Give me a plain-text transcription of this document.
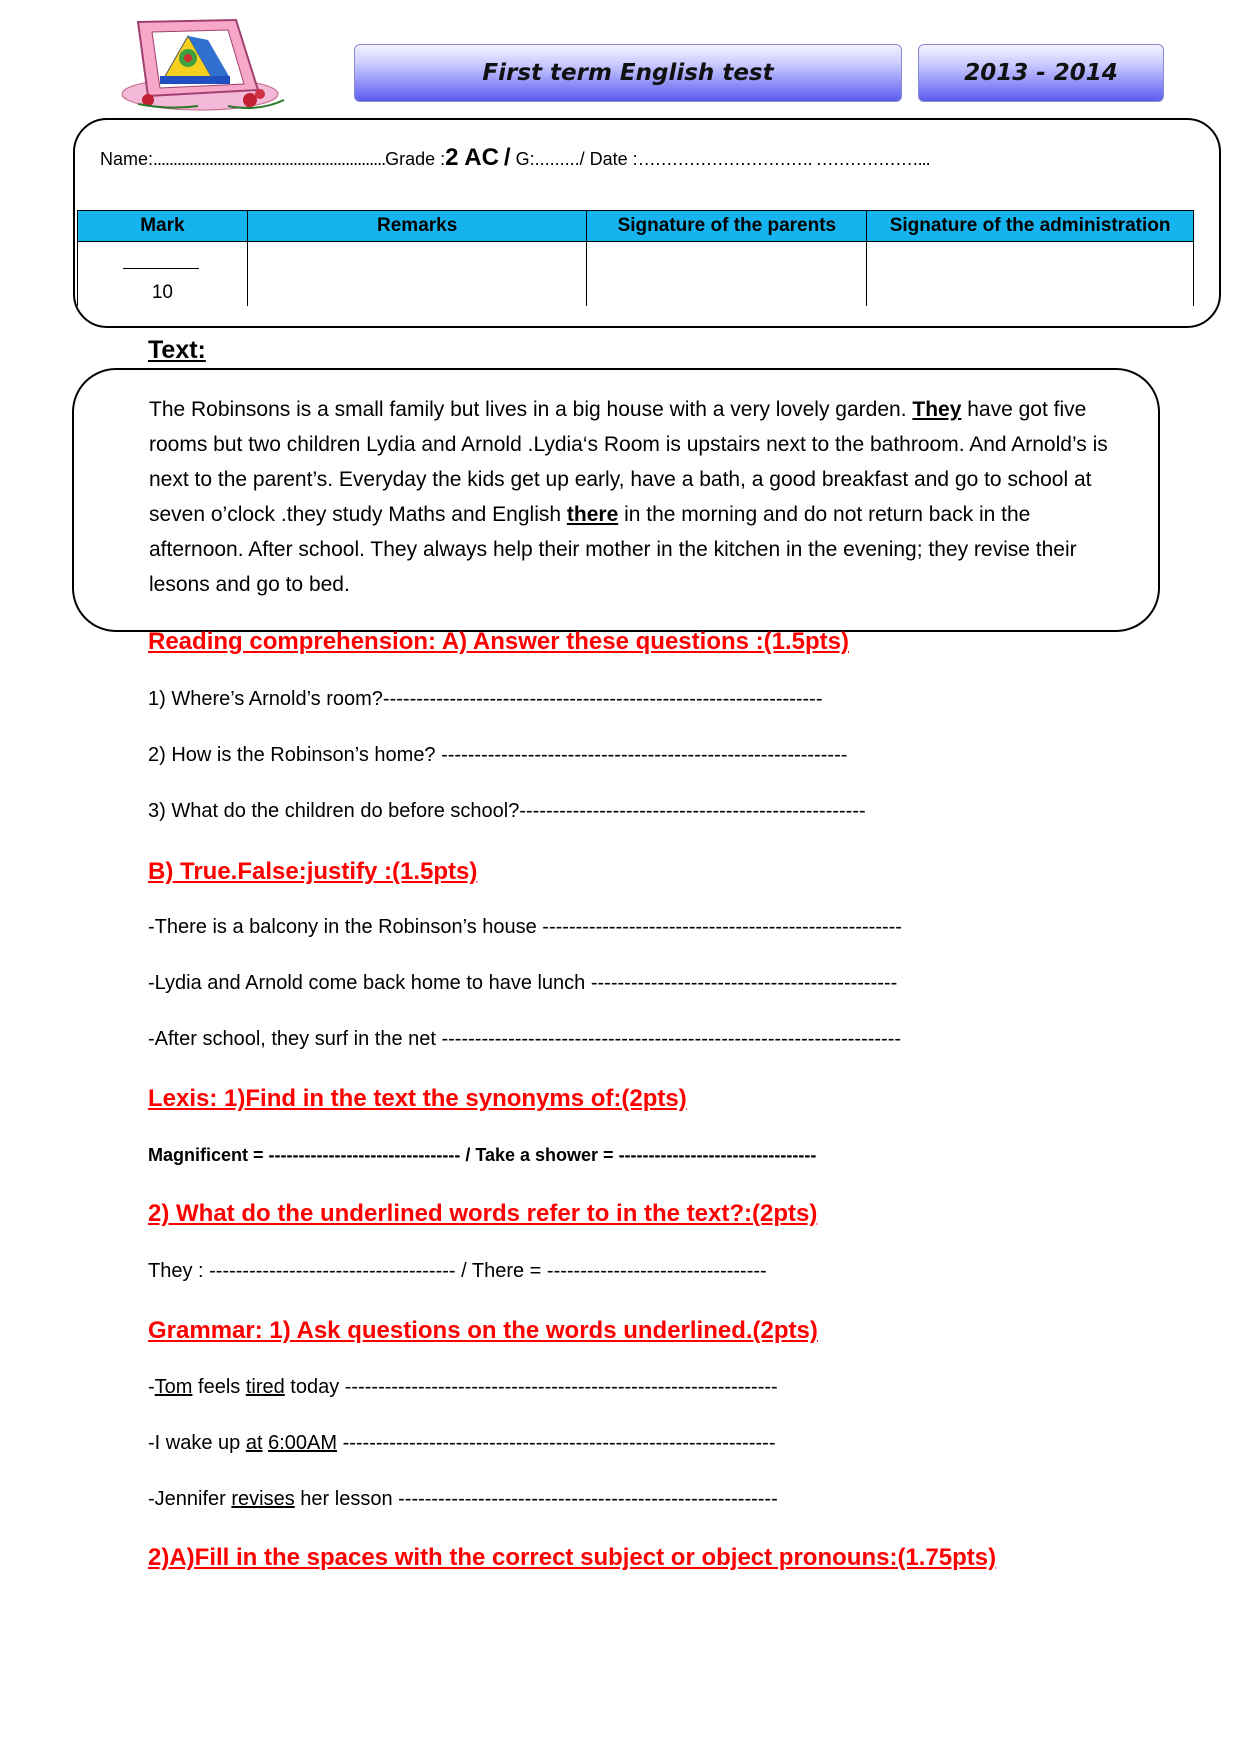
First term English test	2013 - 2014
Name:..........................................................Grade :2 AC / G:........./ Date :…………………………. ………………...
Mark	Remarks	Signature of the parents	Signature of the administration

10			

Text:
The Robinsons is a small family but lives in a big house with a very lovely garden. They have got five rooms but two children Lydia and Arnold .Lydia‘s Room is upstairs next to the bathroom. And Arnold’s is next to the parent’s. Everyday the kids get up early, have a bath, a good breakfast and go to school at seven o’clock .they study Maths and English there in the morning and do not return back in the afternoon. After school. They always help their mother in the kitchen in the evening; they revise their lesons and go to bed.
Reading comprehension: A) Answer these questions :(1.5pts)
1) Where’s Arnold’s room?------------------------------------------------------------------
2) How is the Robinson’s home? -------------------------------------------------------------
3) What do the children do before school?----------------------------------------------------
B) True.False:justify :(1.5pts)
-There is a balcony in the Robinson’s house ------------------------------------------------------
-Lydia and Arnold come back home to have lunch ----------------------------------------------
-After school, they surf in the net ---------------------------------------------------------------------
Lexis: 1)Find in the text the synonyms of:(2pts)
Magnificent = -------------------------------- / Take a shower = ---------------------------------
2) What do the underlined words refer to in the text?:(2pts)
They : ------------------------------------- / There = ---------------------------------
Grammar: 1) Ask questions on the words underlined.(2pts)
-Tom feels tired today -----------------------------------------------------------------
-I wake up at 6:00AM -----------------------------------------------------------------
-Jennifer revises her lesson ---------------------------------------------------------
2)A)Fill in the spaces with the correct subject or object pronouns:(1.75pts)
